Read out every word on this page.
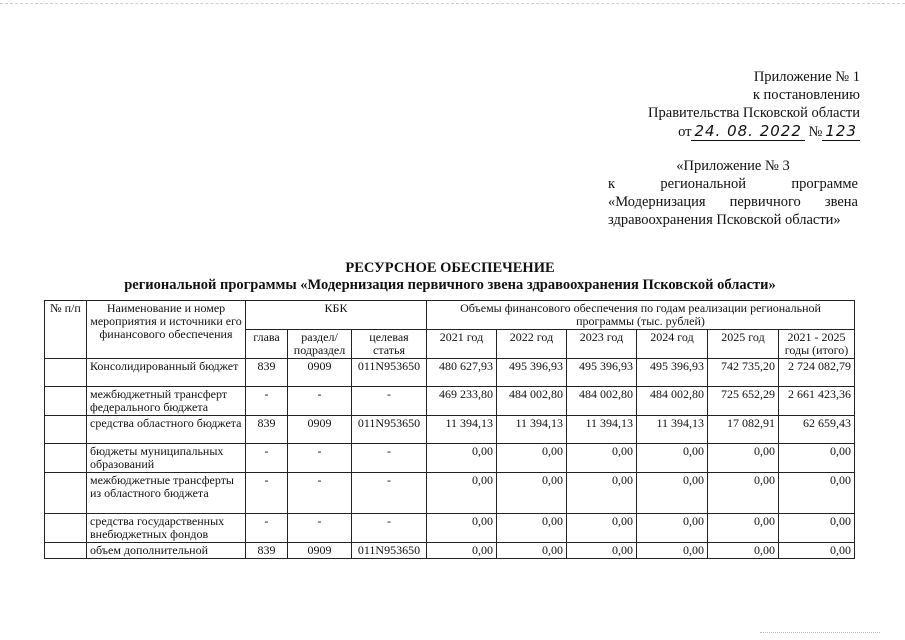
Приложение № 1
к постановлению
Правительства Псковской области
от 24. 08. 2022 № 123
«Приложение № 3
к региональной программе
«Модернизация первичного звена
здравоохранения Псковской области»
РЕСУРСНОЕ ОБЕСПЕЧЕНИЕ
региональной программы «Модернизация первичного звена здравоохранения Псковской области»
№ п/п	Наименование и номер мероприятия и источники его финансового обеспечения	КБК			Объемы финансового обеспечения по годам реализации региональной программы (тыс. рублей)					
		глава	раздел/ подраздел	целевая статья	2021 год	2022 год	2023 год	2024 год	2025 год	2021 - 2025 годы (итого)
	Консолидированный бюджет	839	0909	011N953650	480 627,93	495 396,93	495 396,93	495 396,93	742 735,20	2 724 082,79
	межбюджетный трансферт федерального бюджета	-	-	-	469 233,80	484 002,80	484 002,80	484 002,80	725 652,29	2 661 423,36
	средства областного бюджета	839	0909	011N953650	11 394,13	11 394,13	11 394,13	11 394,13	17 082,91	62 659,43
	бюджеты муниципальных образований	-	-	-	0,00	0,00	0,00	0,00	0,00	0,00
	межбюджетные трансферты из областного бюджета	-	-	-	0,00	0,00	0,00	0,00	0,00	0,00
	средства государственных внебюджетных фондов	-	-	-	0,00	0,00	0,00	0,00	0,00	0,00
	объем дополнительной	839	0909	011N953650	0,00	0,00	0,00	0,00	0,00	0,00
